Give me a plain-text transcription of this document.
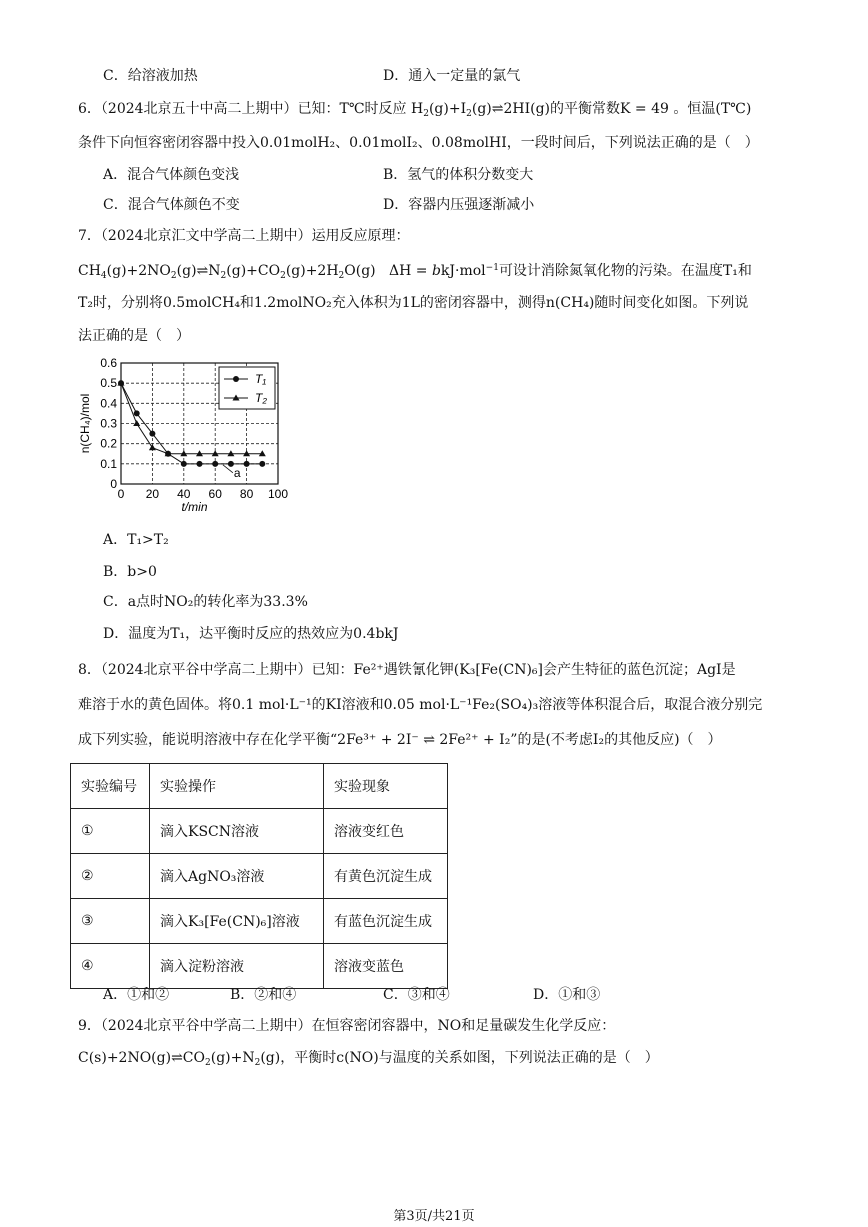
C．给溶液加热	D．通入一定量的氯气
6．（2024北京五十中高二上期中）已知：T℃时反应 $H_2(g)+I_2(g)\rightleftharpoons 2HI(g)$的平衡常数K = 49 。恒温(T℃)
条件下向恒容密闭容器中投入0.01molH₂、0.01molI₂、0.08molHI，一段时间后，下列说法正确的是（　）
A．混合气体颜色变浅	B．氢气的体积分数变大
C．混合气体颜色不变	D．容器内压强逐渐减小
7．（2024北京汇文中学高二上期中）运用反应原理：
$CH_4(g)+2NO_2(g)\rightleftharpoons N_2(g)+CO_2(g)+2H_2O(g) \Delta H = bkJ\cdot mol^{-1}$可设计消除氮氧化物的污染。在温度T₁和
T₂时，分别将0.5molCH₄和1.2molNO₂充入体积为1L的密闭容器中，测得n(CH₄)随时间变化如图。下列说
法正确的是（　）
0 20 40 60 80 100
0
0.1
0.2
0.3
0.4
0.5
0.6
t/min
n(CH₄)/mol
T₁
T₂
a
A．T₁>T₂
B．b>0
C．a点时NO₂的转化率为33.3%
D．温度为T₁，达平衡时反应的热效应为0.4bkJ
8．（2024北京平谷中学高二上期中）已知：Fe²⁺遇铁氰化钾(K₃[Fe(CN)₆]会产生特征的蓝色沉淀；AgI是
难溶于水的黄色固体。将0.1 mol·L⁻¹的KI溶液和0.05 mol·L⁻¹Fe₂(SO₄)₃溶液等体积混合后，取混合液分别完
成下列实验，能说明溶液中存在化学平衡“2Fe³⁺ + 2I⁻ ⇌ 2Fe²⁺ + I₂”的是(不考虑I₂的其他反应)（　）
实验编号	实验操作	实验现象
①	滴入KSCN溶液	溶液变红色
②	滴入AgNO₃溶液	有黄色沉淀生成
③	滴入K₃[Fe(CN)₆]溶液	有蓝色沉淀生成
④	滴入淀粉溶液	溶液变蓝色
A．①和②	B．②和④	C．③和④	D．①和③
9．（2024北京平谷中学高二上期中）在恒容密闭容器中，NO和足量碳发生化学反应：
$C(s)+2NO(g)\rightleftharpoons CO_2(g)+N_2(g)$，平衡时c(NO)与温度的关系如图，下列说法正确的是（　）
第3页/共21页
